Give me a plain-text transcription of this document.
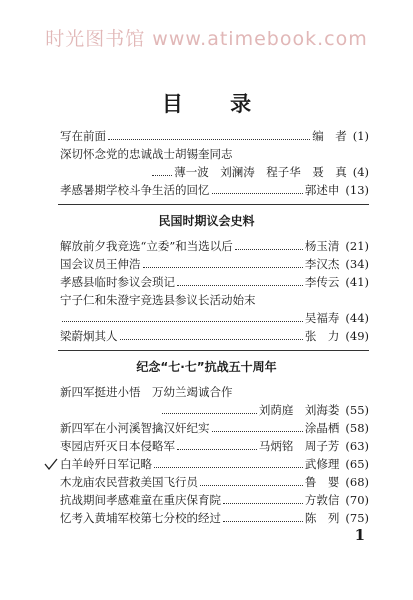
时光图书馆 www.atimebook.com
目 录
写在前面	编　者 (1)
深切怀念党的忠诚战士胡锡奎同志
薄一波　刘澜涛　程子华　聂　真 (4)
孝感暑期学校斗争生活的回忆	郭述申 (13)
民国时期议会史料
解放前夕我竞选“立委”和当选以后	杨玉清 (21)
国会议员王伸浩	李汉杰 (34)
孝感县临时参议会琐记	李传云 (41)
宁子仁和朱澄宇竞选县参议长活动始末
吴福寿 (44)
梁蔚炯其人	张　力 (49)
纪念“七·七”抗战五十周年
新四军挺进小悟　万幼兰竭诚合作
刘荫庭　刘海娄 (55)
新四军在小河溪智擒汉奸纪实	涂晶栖 (58)
枣园店歼灭日本侵略军	马炳铭　周子芳 (63)
白羊岭歼日军记略	武修理 (65)
木龙庙农民营救美国飞行员	鲁　婴 (68)
抗战期间孝感难童在重庆保育院	方敦信 (70)
忆考入黄埔军校第七分校的经过	陈　列 (75)
1
